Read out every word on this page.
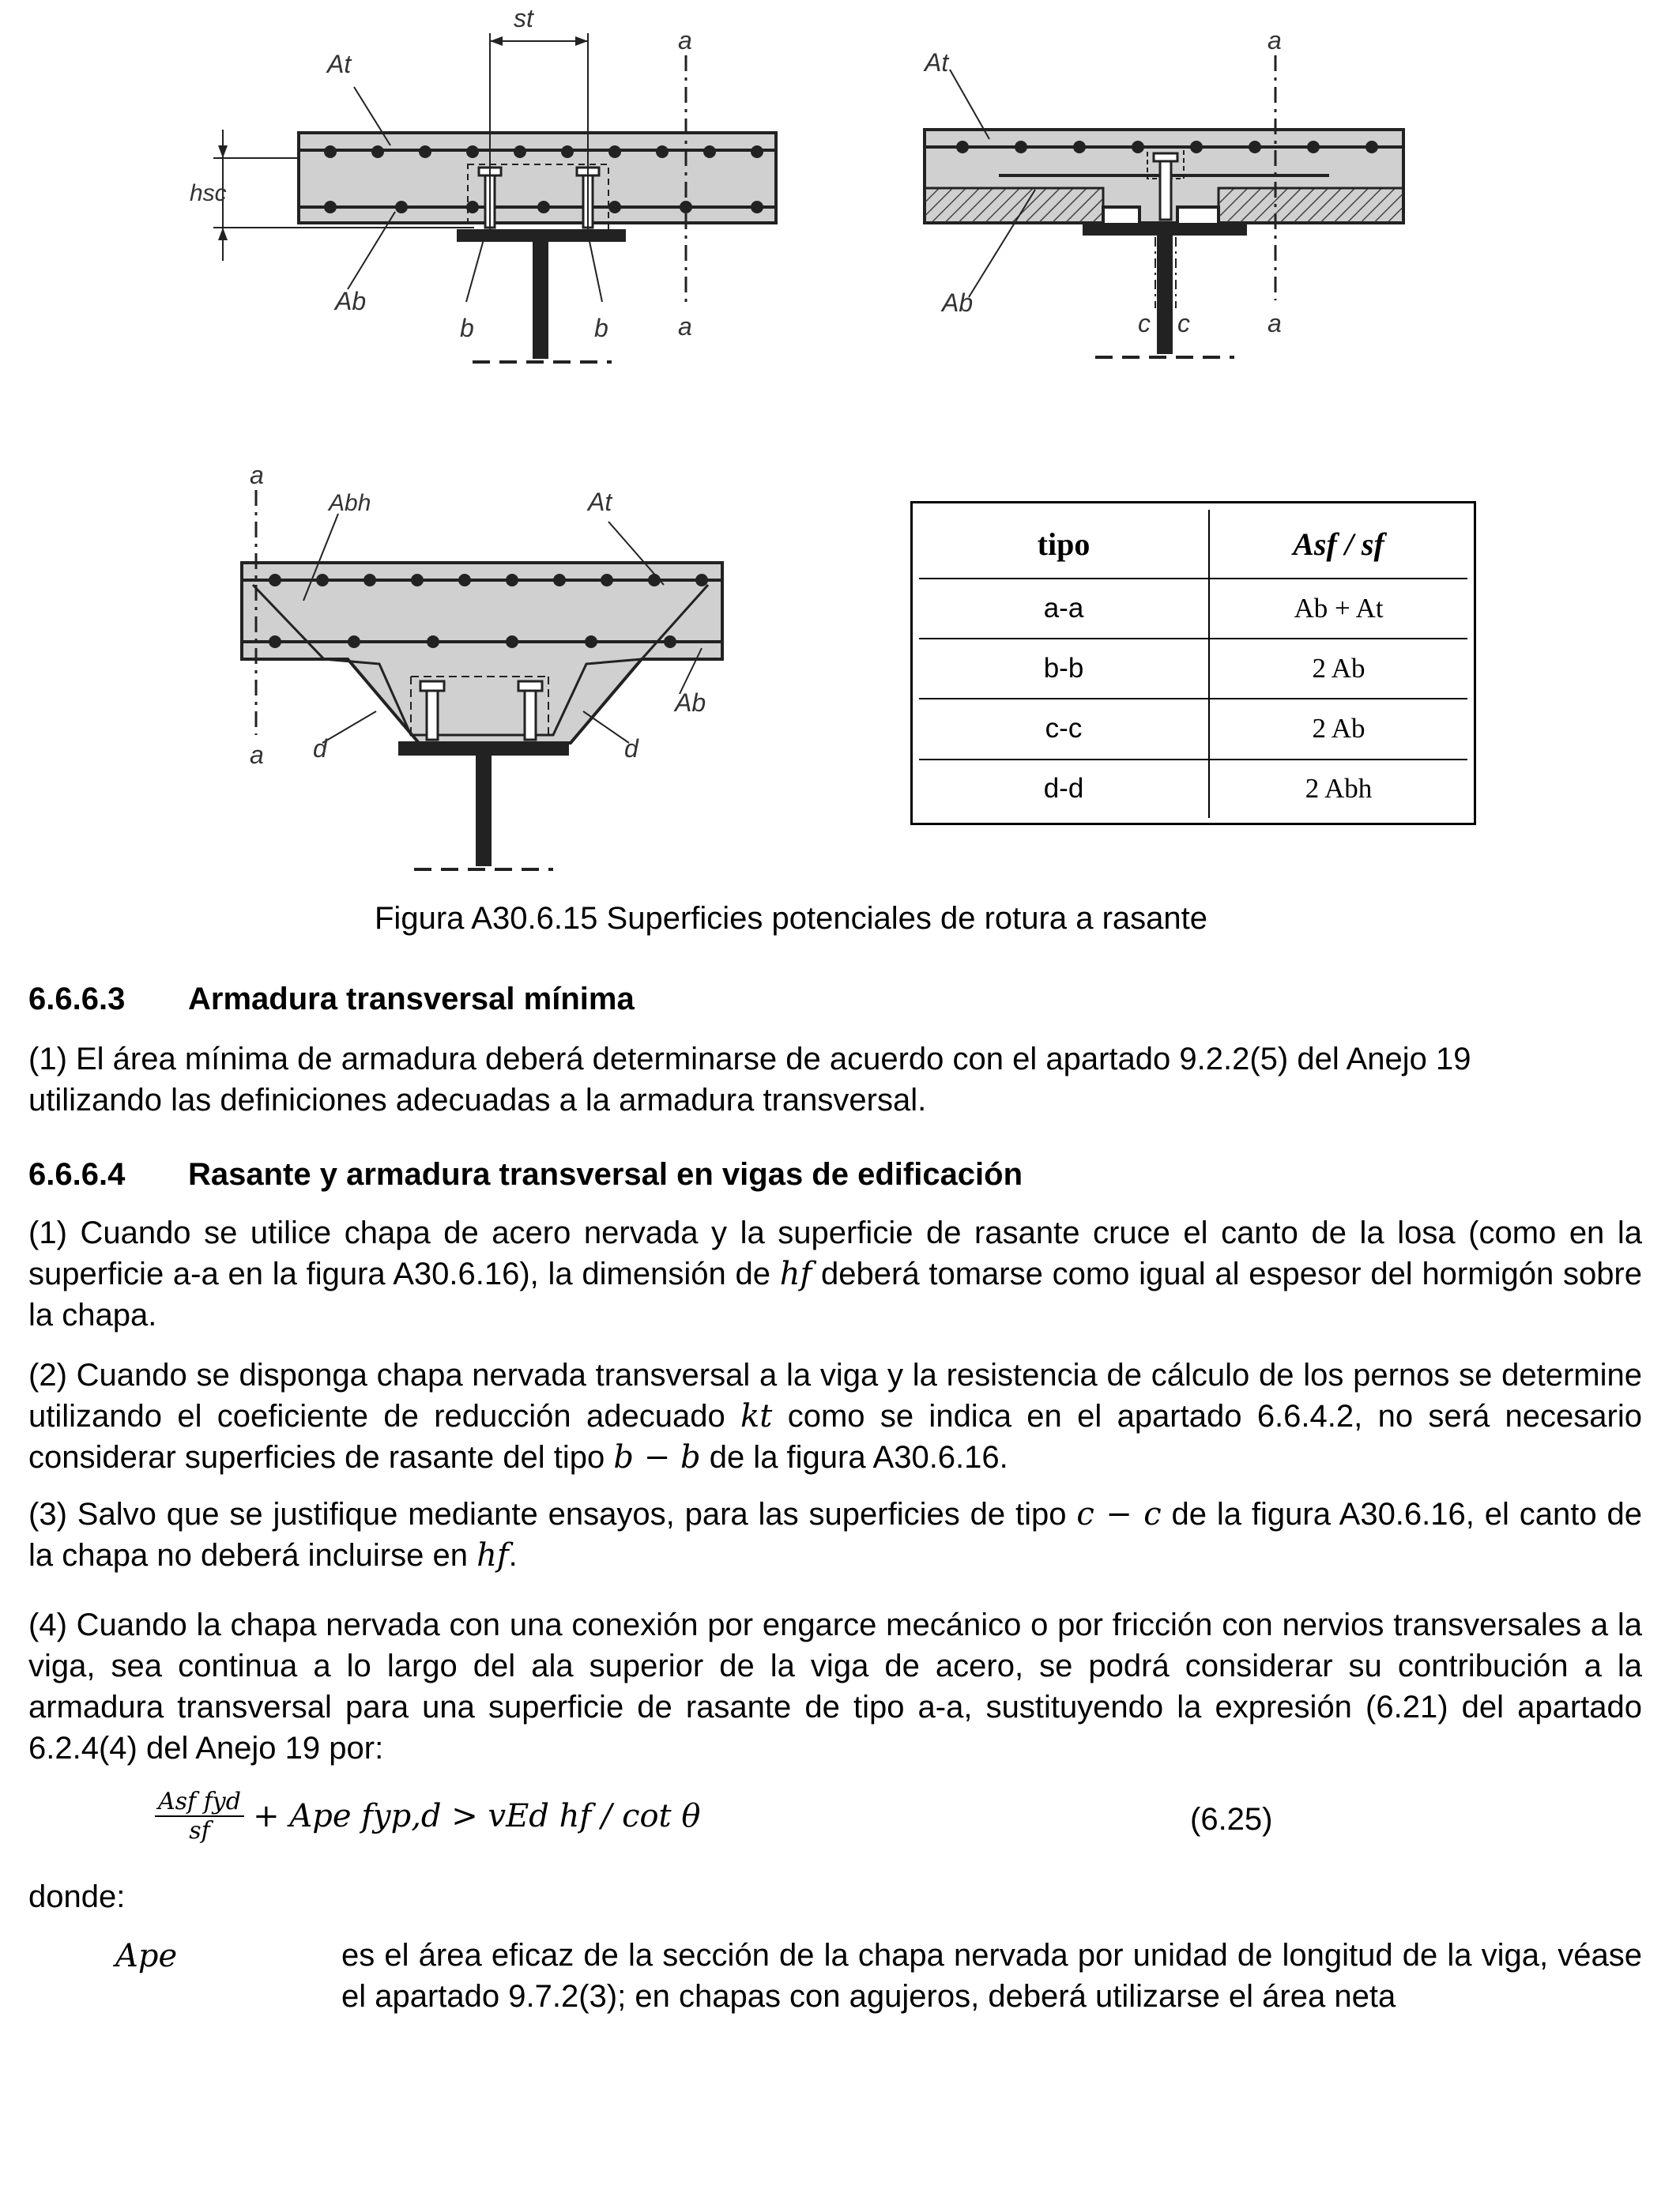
st
At
hsc
Ab
b	b
a
a
At
Ab
c c
a
a
a
a
Abh	At
Ab
d	d
tipo	Asf / sf
a-a	Ab + At
b-b	2 Ab
c-c	2 Ab
d-d	2 Abh
Figura A30.6.15 Superficies potenciales de rotura a rasante
6.6.6.3 Armadura transversal mínima
(1) El área mínima de armadura deberá determinarse de acuerdo con el apartado 9.2.2(5) del Anejo 19
utilizando las definiciones adecuadas a la armadura transversal.
6.6.6.4 Rasante y armadura transversal en vigas de edificación

(1) Cuando se utilice chapa de acero nervada y la superficie de rasante cruce el canto de la losa (como en la superficie a-a en la figura A30.6.16), la dimensión de hf deberá tomarse como igual al espesor del hormigón sobre la chapa.

(2) Cuando se disponga chapa nervada transversal a la viga y la resistencia de cálculo de los pernos se determine utilizando el coeficiente de reducción adecuado kt como se indica en el apartado 6.6.4.2, no será necesario considerar superficies de rasante del tipo b − b de la figura A30.6.16.

(3) Salvo que se justifique mediante ensayos, para las superficies de tipo c − c de la figura A30.6.16, el canto de la chapa no deberá incluirse en hf.

(4) Cuando la chapa nervada con una conexión por engarce mecánico o por fricción con nervios transversales a la viga, sea continua a lo largo del ala superior de la viga de acero, se podrá considerar su contribución a la armadura transversal para una superficie de rasante de tipo a-a, sustituyendo la expresión (6.21) del apartado 6.2.4(4) del Anejo 19 por:

Asf fyd
sf	+ Ape fyp,d > vEd hf / cot θ	(6.25)
donde:
Ape	es el área eficaz de la sección de la chapa nervada por unidad de longitud de la viga, véase el apartado 9.7.2(3); en chapas con agujeros, deberá utilizarse el área neta
